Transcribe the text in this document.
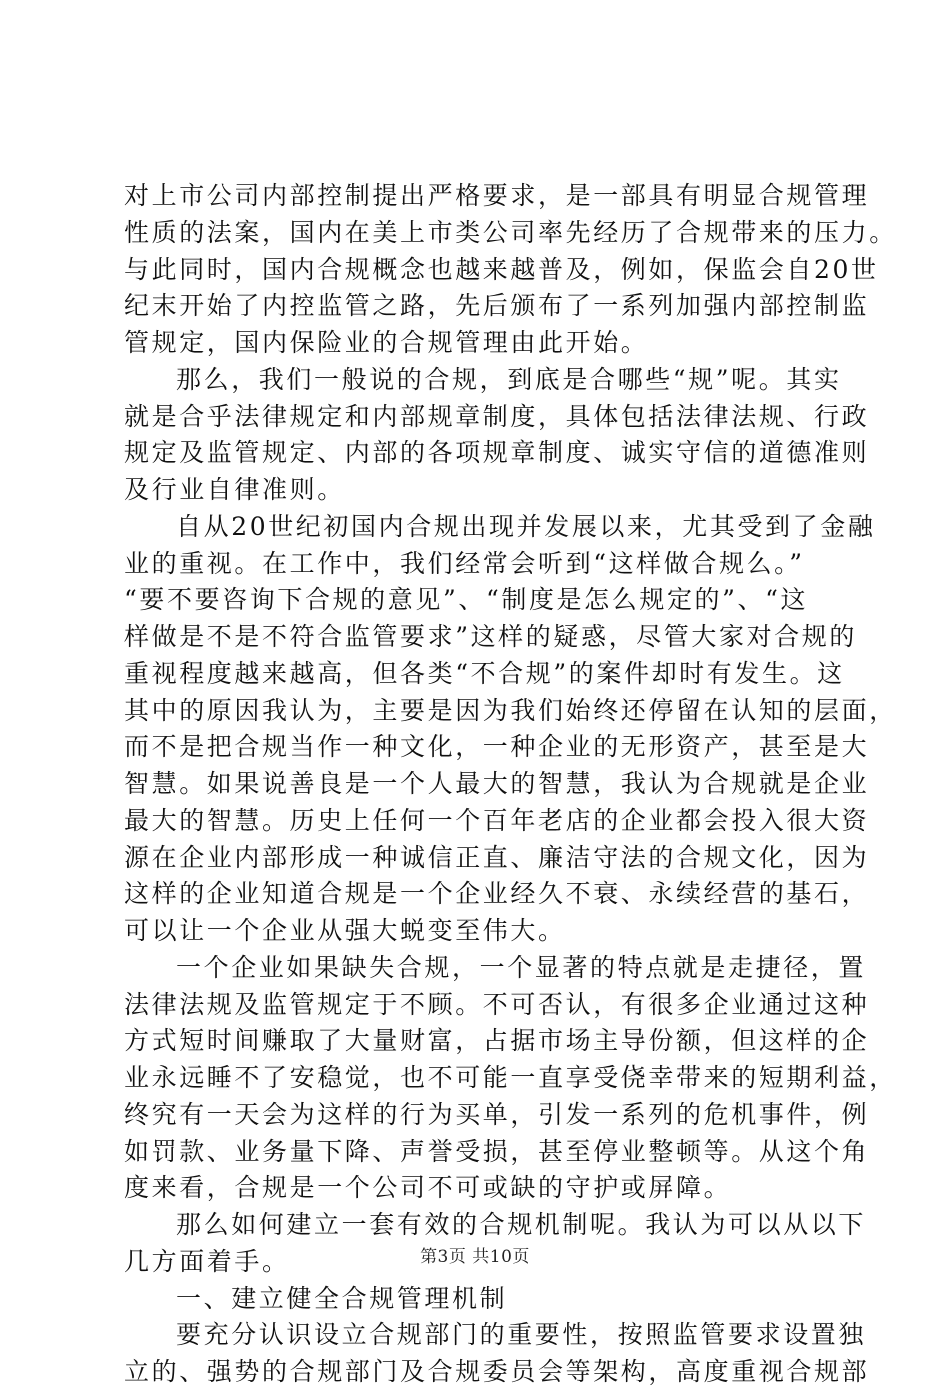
对上市公司内部控制提出严格要求，是一部具有明显合规管理
性质的法案，国内在美上市类公司率先经历了合规带来的压力。
与此同时，国内合规概念也越来越普及，例如，保监会自20世
纪末开始了内控监管之路，先后颁布了一系列加强内部控制监
管规定，国内保险业的合规管理由此开始。
那么，我们一般说的合规，到底是合哪些“规”呢。其实
就是合乎法律规定和内部规章制度，具体包括法律法规、行政
规定及监管规定、内部的各项规章制度、诚实守信的道德准则
及行业自律准则。
自从20世纪初国内合规出现并发展以来，尤其受到了金融
业的重视。在工作中，我们经常会听到“这样做合规么。”
“要不要咨询下合规的意见”、“制度是怎么规定的”、“这
样做是不是不符合监管要求”这样的疑惑，尽管大家对合规的
重视程度越来越高，但各类“不合规”的案件却时有发生。这
其中的原因我认为，主要是因为我们始终还停留在认知的层面，
而不是把合规当作一种文化，一种企业的无形资产，甚至是大
智慧。如果说善良是一个人最大的智慧，我认为合规就是企业
最大的智慧。历史上任何一个百年老店的企业都会投入很大资
源在企业内部形成一种诚信正直、廉洁守法的合规文化，因为
这样的企业知道合规是一个企业经久不衰、永续经营的基石，
可以让一个企业从强大蜕变至伟大。
一个企业如果缺失合规，一个显著的特点就是走捷径，置
法律法规及监管规定于不顾。不可否认，有很多企业通过这种
方式短时间赚取了大量财富，占据市场主导份额，但这样的企
业永远睡不了安稳觉，也不可能一直享受侥幸带来的短期利益，
终究有一天会为这样的行为买单，引发一系列的危机事件，例
如罚款、业务量下降、声誉受损，甚至停业整顿等。从这个角
度来看，合规是一个公司不可或缺的守护或屏障。
那么如何建立一套有效的合规机制呢。我认为可以从以下
几方面着手。
一、建立健全合规管理机制
要充分认识设立合规部门的重要性，按照监管要求设置独
立的、强势的合规部门及合规委员会等架构，高度重视合规部
第3页 共10页
